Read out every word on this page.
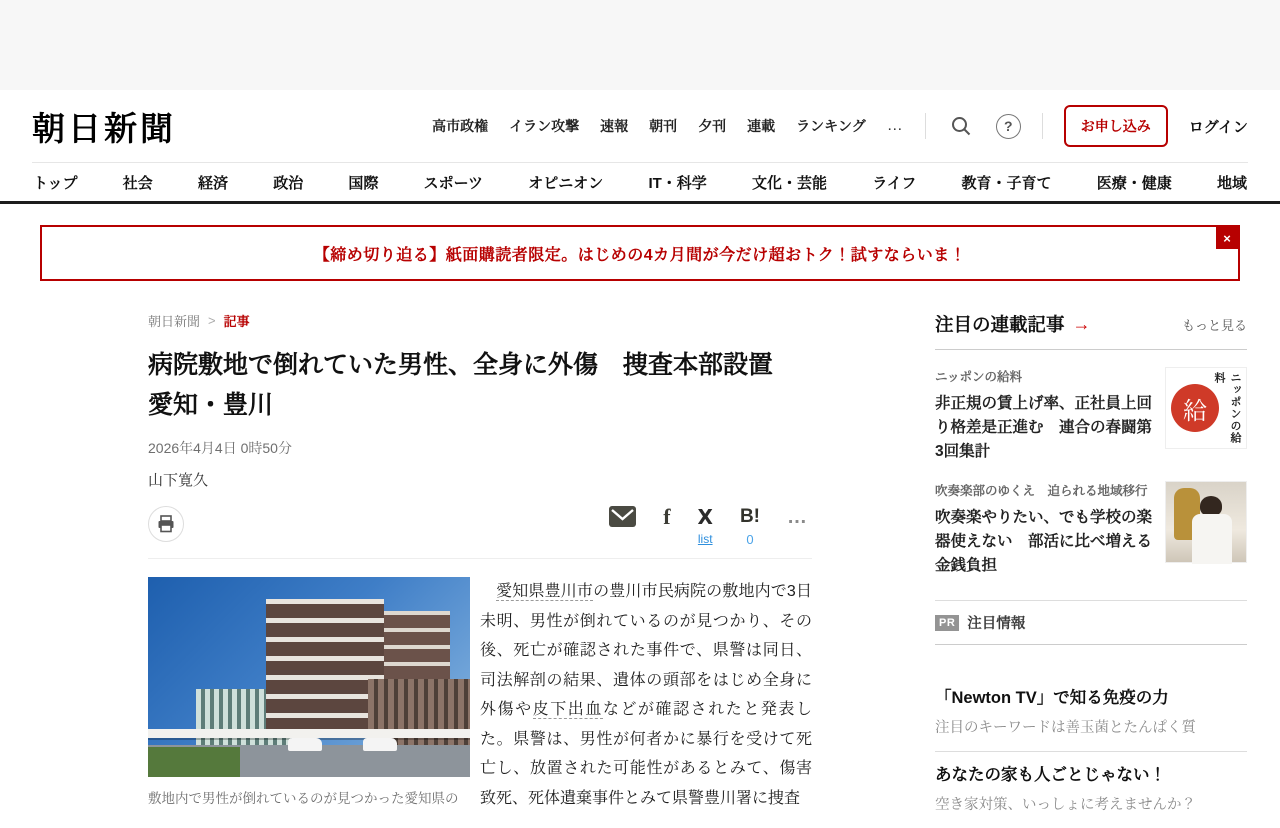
朝日新聞	高市政権 イラン攻撃 速報 朝刊 夕刊 連載 ランキング …	?	お申し込み	ログイン
トップ	社会	経済	政治	国際	スポーツ	オピニオン	IT・科学	文化・芸能	ライフ	教育・子育て	医療・健康	地域
【締め切り迫る】紙面購読者限定。はじめの4カ月間が今だけ超おトク！試すならいま！
×
朝日新聞 > 記事
病院敷地で倒れていた男性、全身に外傷　捜査本部設置　愛知・豊川
2026年4月4日 0時50分
山下寛久
f X
list
B!
0
…
敷地内で男性が倒れているのが見つかった愛知県の

　愛知県豊川市の豊川市民病院の敷地内で3日未明、男性が倒れているのが見つかり、その後、死亡が確認された事件で、県警は同日、司法解剖の結果、遺体の頭部をはじめ全身に外傷や皮下出血などが確認されたと発表した。県警は、男性が何者かに暴行を受けて死亡し、放置された可能性があるとみて、傷害致死、死体遺棄事件とみて県警豊川署に捜査

注目の連載記事 →	もっと見る
ニッポンの給料
非正規の賃上げ率、正社員上回り格差是正進む　連合の春闘第3回集計
給	ニッポンの給料
吹奏楽部のゆくえ　迫られる地域移行
吹奏楽やりたい、でも学校の楽器使えない　部活に比べ増える金銭負担
PR 注目情報
「Newton TV」で知る免疫の力
注目のキーワードは善玉菌とたんぱく質
あなたの家も人ごとじゃない！
空き家対策、いっしょに考えませんか？
